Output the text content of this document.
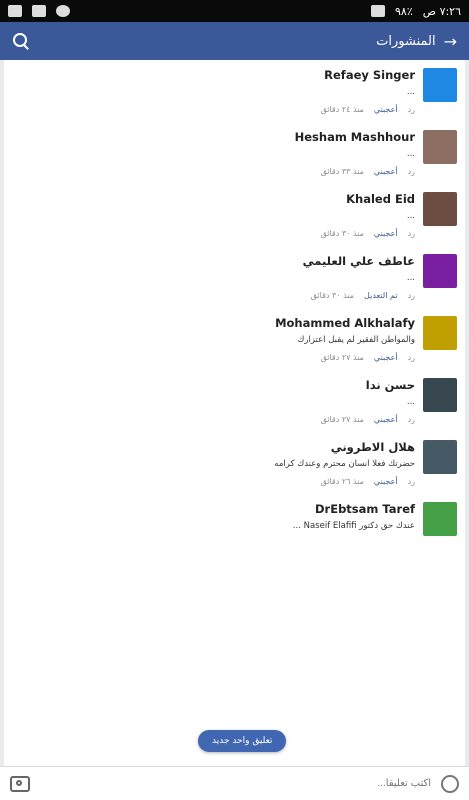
٩٨٪ ٧:٢٦ ص
المنشورات →
Refaey Singer
...
رد
أعجبني
منذ ٢٤ دقائق
Hesham Mashhour
...
رد
أعجبني
منذ ٣٣ دقائق
Khaled Eid
...
رد
أعجبني
منذ ٣٠ دقائق
عاطف علي العليمي
...
رد
تم التعديل
منذ ٣٠ دقائق
Mohammed Alkhalafy
والمواطن الفقير لم يقبل اعتزارك
رد
أعجبني
منذ ٢٧ دقائق
حسن ندا
...
رد
أعجبني
منذ ٢٧ دقائق
هلال الاطروني
حضرتك فعلا انسان محترم وعندك كرامه
رد
أعجبني
منذ ٢٦ دقائق
DrEbtsam Taref
عندك حق دكتور Naseif Elafifi ...
تعليق واحد جديد
اكتب تعليقاً...
